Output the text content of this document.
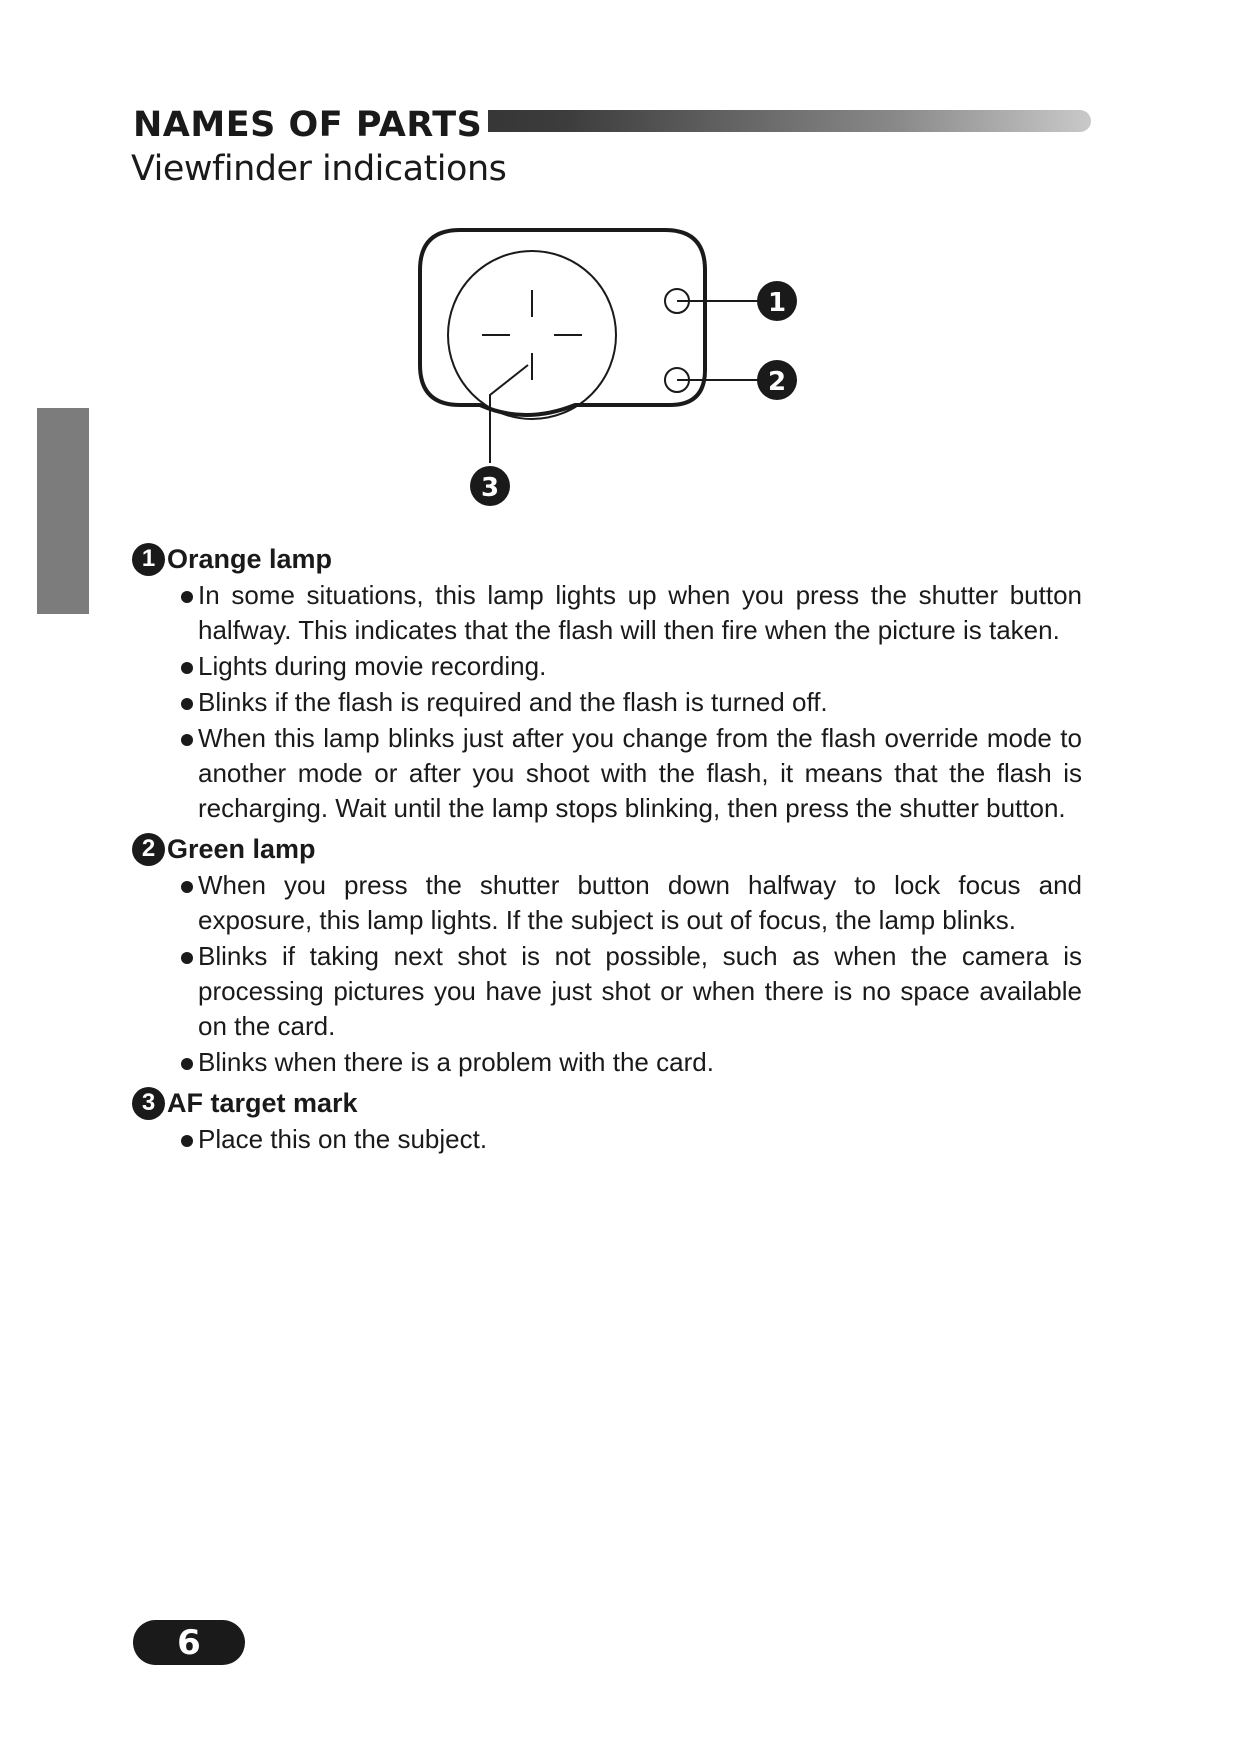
NAMES OF PARTS
Viewfinder indications
1
2
3

1 Orange lamp

In some situations, this lamp lights up when you press the shutter button halfway. This indicates that the flash will then fire when the picture is taken.
Lights during movie recording.
Blinks if the flash is required and the flash is turned off.
When this lamp blinks just after you change from the flash override mode to another mode or after you shoot with the flash, it means that the flash is recharging. Wait until the lamp stops blinking, then press the shutter button.

2 Green lamp

When you press the shutter button down halfway to lock focus and exposure, this lamp lights. If the subject is out of focus, the lamp blinks.
Blinks if taking next shot is not possible, such as when the camera is processing pictures you have just shot or when there is no space available on the card.
Blinks when there is a problem with the card.

3 AF target mark

Place this on the subject.
6
